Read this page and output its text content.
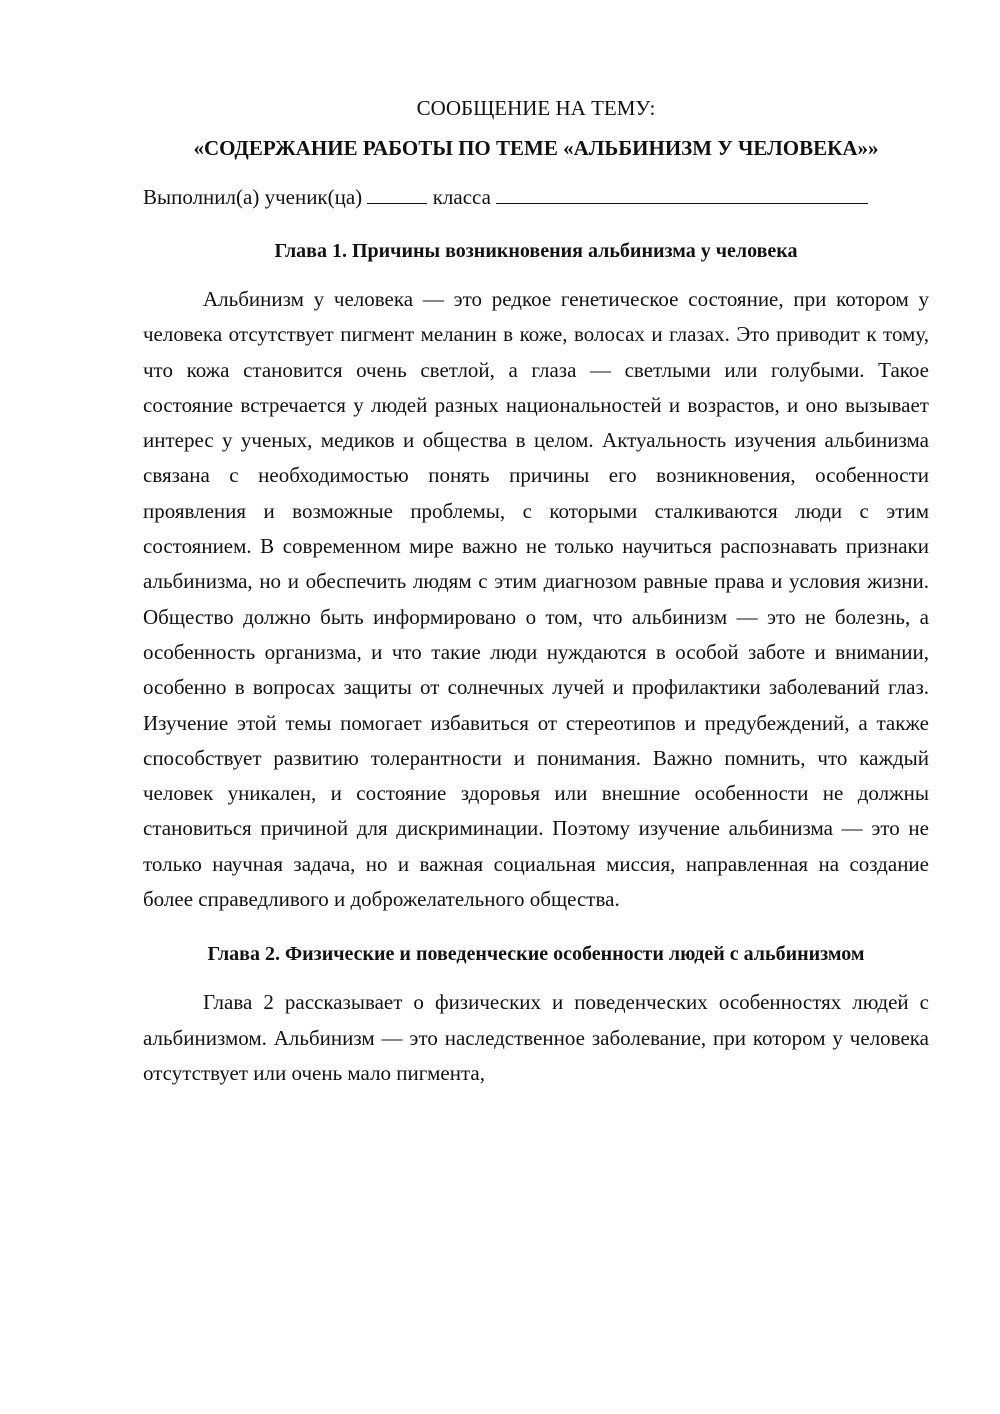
СООБЩЕНИЕ НА ТЕМУ:

«СОДЕРЖАНИЕ РАБОТЫ ПО ТЕМЕ «АЛЬБИНИЗМ У ЧЕЛОВЕКА»»

Выполнил(а) ученик(ца)	класса

Глава 1. Причины возникновения альбинизма у человека

Альбинизм у человека — это редкое генетическое состояние, при котором у человека отсутствует пигмент меланин в коже, волосах и глазах. Это приводит к тому, что кожа становится очень светлой, а глаза — светлыми или голубыми. Такое состояние встречается у людей разных национальностей и возрастов, и оно вызывает интерес у ученых, медиков и общества в целом. Актуальность изучения альбинизма связана с необходимостью понять причины его возникновения, особенности проявления и возможные проблемы, с которыми сталкиваются люди с этим состоянием. В современном мире важно не только научиться распознавать признаки альбинизма, но и обеспечить людям с этим диагнозом равные права и условия жизни. Общество должно быть информировано о том, что альбинизм — это не болезнь, а особенность организма, и что такие люди нуждаются в особой заботе и внимании, особенно в вопросах защиты от солнечных лучей и профилактики заболеваний глаз. Изучение этой темы помогает избавиться от стереотипов и предубеждений, а также способствует развитию толерантности и понимания. Важно помнить, что каждый человек уникален, и состояние здоровья или внешние особенности не должны становиться причиной для дискриминации. Поэтому изучение альбинизма — это не только научная задача, но и важная социальная миссия, направленная на создание более справедливого и доброжелательного общества.

Глава 2. Физические и поведенческие особенности людей с альбинизмом

Глава 2 рассказывает о физических и поведенческих особенностях людей с альбинизмом. Альбинизм — это наследственное заболевание, при котором у человека отсутствует или очень мало пигмента,
